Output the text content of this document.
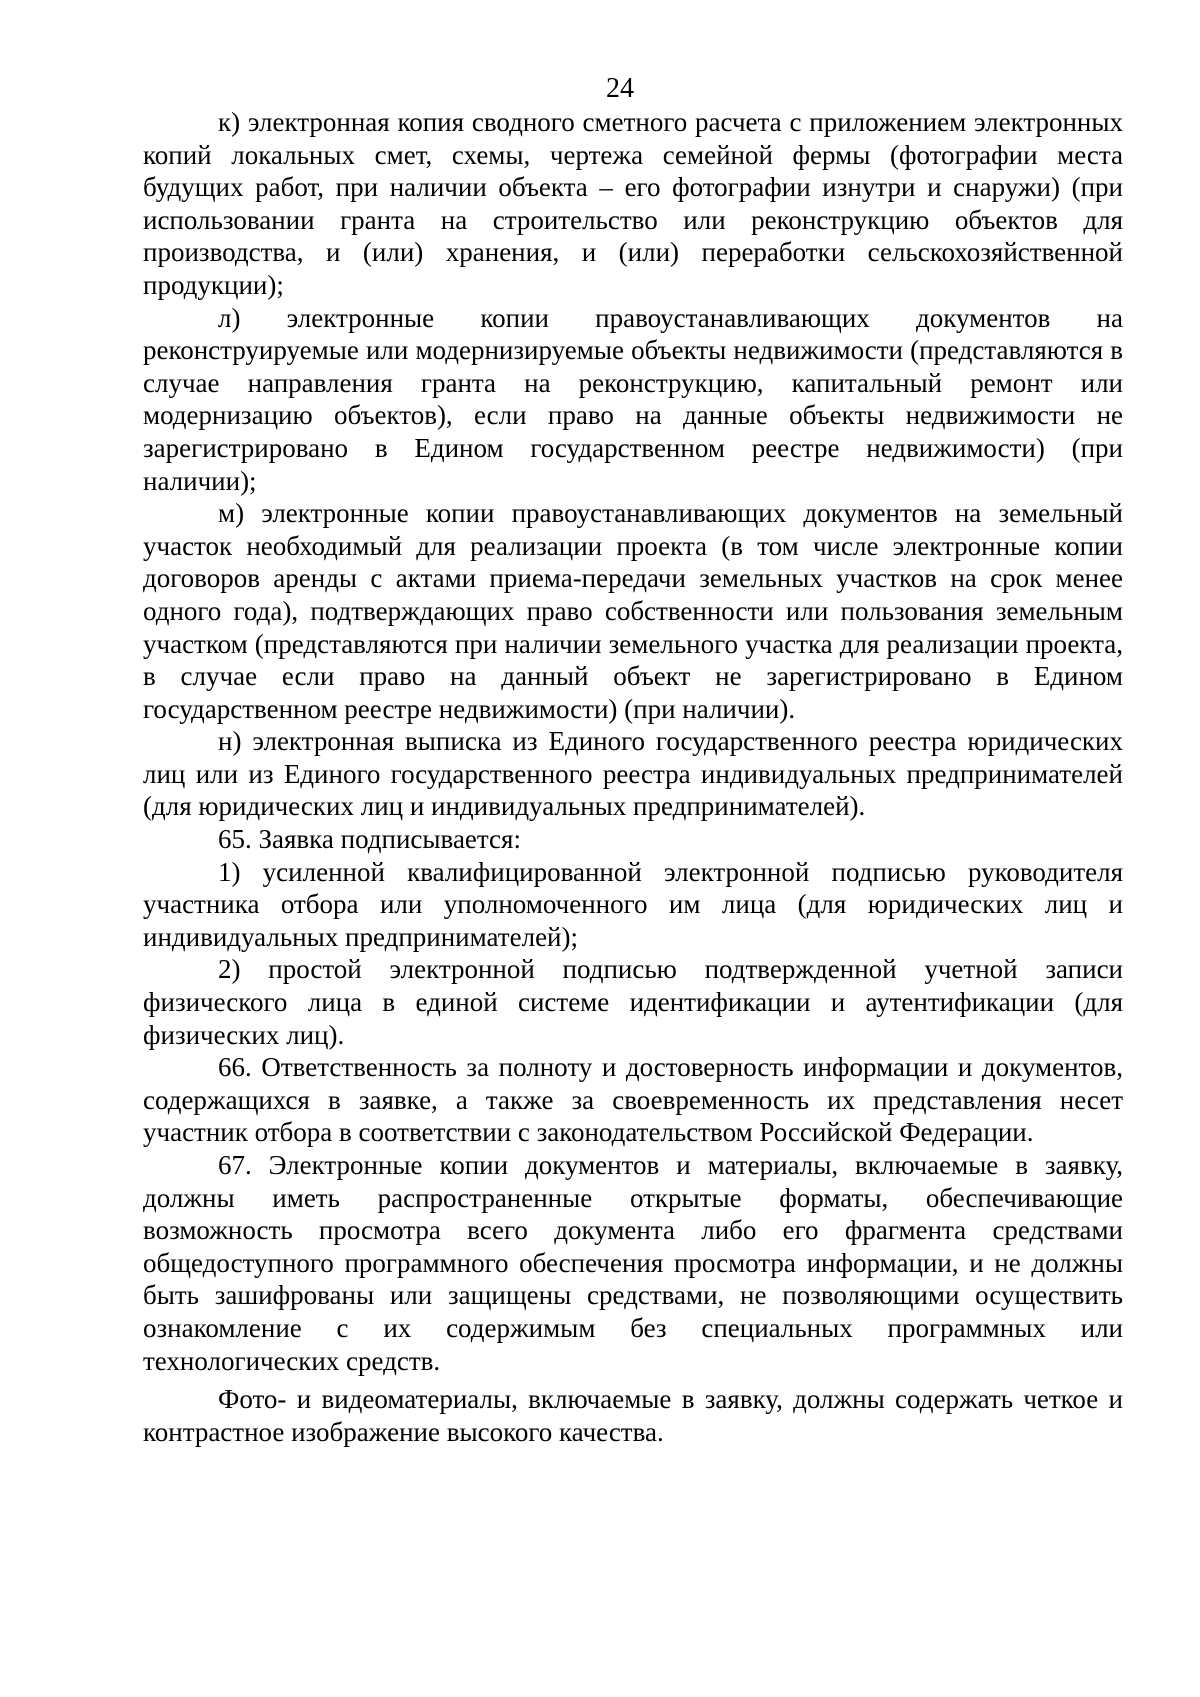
24

к) электронная копия сводного сметного расчета с приложением электронных копий локальных смет, схемы, чертежа семейной фермы (фотографии места будущих работ, при наличии объекта – его фотографии изнутри и снаружи) (при использовании гранта на строительство или реконструкцию объектов для производства, и (или) хранения, и (или) переработки сельскохозяйственной продукции);

л) электронные копии правоустанавливающих документов на реконструируемые или модернизируемые объекты недвижимости (представляются в случае направления гранта на реконструкцию, капитальный ремонт или модернизацию объектов), если право на данные объекты недвижимости не зарегистрировано в Едином государственном реестре недвижимости) (при наличии);

м) электронные копии правоустанавливающих документов на земельный участок необходимый для реализации проекта (в том числе электронные копии договоров аренды с актами приема-передачи земельных участков на срок менее одного года), подтверждающих право собственности или пользования земельным участком (представляются при наличии земельного участка для реализации проекта, в случае если право на данный объект не зарегистрировано в Едином государственном реестре недвижимости) (при наличии).

н) электронная выписка из Единого государственного реестра юридических лиц или из Единого государственного реестра индивидуальных предпринимателей (для юридических лиц и индивидуальных предпринимателей).

65. Заявка подписывается:

1) усиленной квалифицированной электронной подписью руководителя участника отбора или уполномоченного им лица (для юридических лиц и индивидуальных предпринимателей);

2) простой электронной подписью подтвержденной учетной записи физического лица в единой системе идентификации и аутентификации (для физических лиц).

66. Ответственность за полноту и достоверность информации и документов, содержащихся в заявке, а также за своевременность их представления несет участник отбора в соответствии с законодательством Российской Федерации.

67. Электронные копии документов и материалы, включаемые в заявку, должны иметь распространенные открытые форматы, обеспечивающие возможность просмотра всего документа либо его фрагмента средствами общедоступного программного обеспечения просмотра информации, и не должны быть зашифрованы или защищены средствами, не позволяющими осуществить ознакомление с их содержимым без специальных программных или технологических средств.

Фото- и видеоматериалы, включаемые в заявку, должны содержать четкое и контрастное изображение высокого качества.
